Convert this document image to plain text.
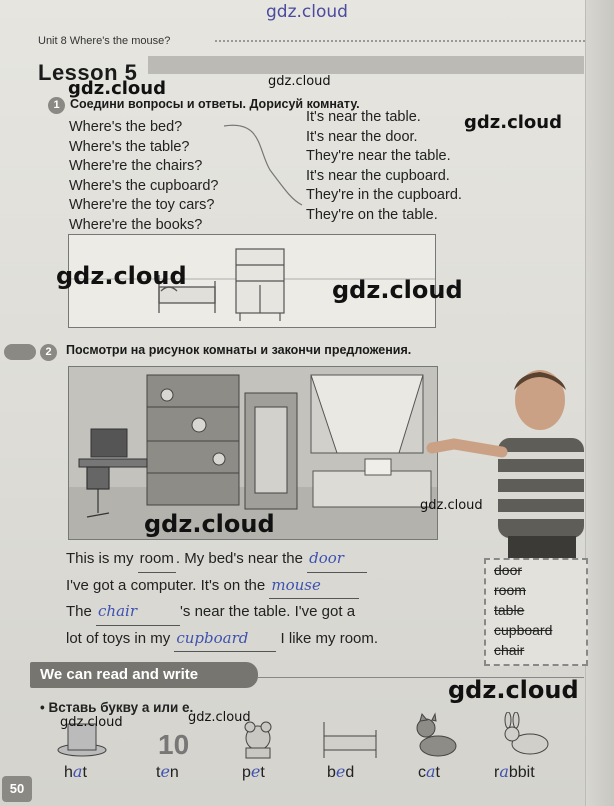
gdz.cloud
Unit 8 Where's the mouse?
Lesson 5
1 Соедини вопросы и ответы. Дорисуй комнату.
Where's the bed?
Where's the table?
Where're the chairs?
Where's the cupboard?
Where're the toy cars?
Where're the books?
It's near the table.
It's near the door.
They're near the table.
It's near the cupboard.
They're in the cupboard.
They're on the table.
2	Посмотри на рисунок комнаты и закончи предложения.
This is my room . My bed's near the door
I've got a computer. It's on the mouse
The chair	's near the table. I've got a
lot of toys in my cupboard I like my room.
door
room
table
cupboard
chair
We can read and write
• Вставь букву а или е.
10
hat	ten	pet	bed	cat	rabbit
50
gdz.cloud	gdz.cloud
gdz.cloud
gdz.cloud	gdz.cloud
gdz.cloud
gdz.cloud
gdz.cloud
gdz.cloud	gdz.cloud
